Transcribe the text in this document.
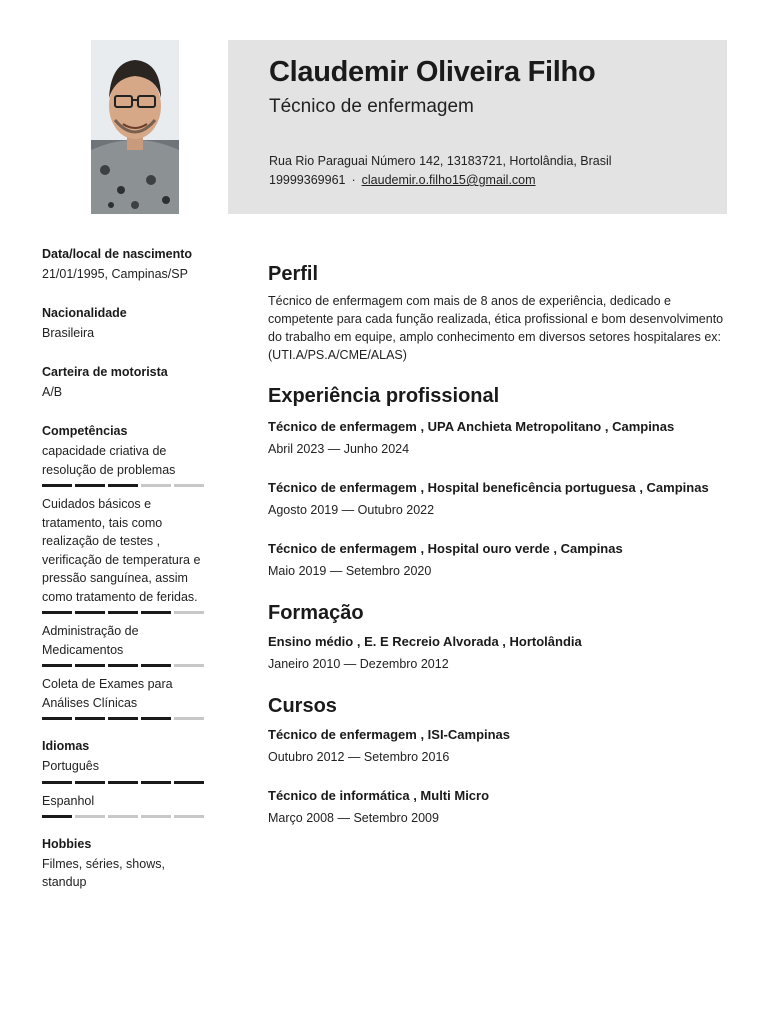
Claudemir Oliveira Filho
Técnico de enfermagem
Rua Rio Paraguai Número 142, 13183721, Hortolândia, Brasil
19999369961 · claudemir.o.filho15@gmail.com
Data/local de nascimento
21/01/1995, Campinas/SP
Nacionalidade
Brasileira
Carteira de motorista
A/B
Competências
capacidade criativa de resolução de problemas
Cuidados básicos e tratamento, tais como realização de testes , verificação de temperatura e pressão sanguínea, assim como tratamento de feridas.
Administração de Medicamentos
Coleta de Exames para Análises Clínicas
Idiomas
Português
Espanhol
Hobbies
Filmes, séries, shows, standup
Perfil
Técnico de enfermagem com mais de 8 anos de experiência, dedicado e competente para cada função realizada, ética profissional e bom desenvolvimento do trabalho em equipe, amplo conhecimento em diversos setores hospitalares ex: (UTI.A/PS.A/CME/ALAS)
Experiência profissional
Técnico de enfermagem , UPA Anchieta Metropolitano , Campinas
Abril 2023 — Junho 2024
Técnico de enfermagem , Hospital beneficência portuguesa , Campinas
Agosto 2019 — Outubro 2022
Técnico de enfermagem , Hospital ouro verde , Campinas
Maio 2019 — Setembro 2020
Formação
Ensino médio , E. E Recreio Alvorada , Hortolândia
Janeiro 2010 — Dezembro 2012
Cursos
Técnico de enfermagem , ISI-Campinas
Outubro 2012 — Setembro 2016
Técnico de informática , Multi Micro
Março 2008 — Setembro 2009
